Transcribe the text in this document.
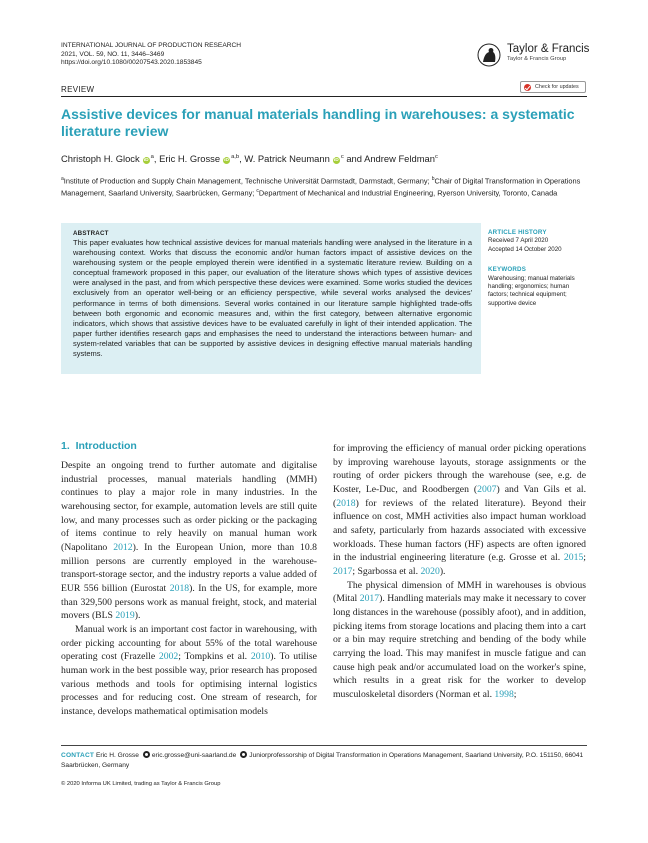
INTERNATIONAL JOURNAL OF PRODUCTION RESEARCH
2021, VOL. 59, NO. 11, 3446–3469
https://doi.org/10.1080/00207543.2020.1853845
Taylor & Francis
Taylor & Francis Group
REVIEW	Check for updates
Assistive devices for manual materials handling in warehouses: a systematic literature review
Christoph H. Glock $iD^a$, Eric H. Grosse iD$^{a,b}$, W. Patrick Neumann $iD^c$ and Andrew Feldman$^c$
$^a$Institute of Production and Supply Chain Management, Technische Universität Darmstadt, Darmstadt, Germany; $^b$Chair of Digital Transformation in Operations Management, Saarland University, Saarbrücken, Germany; $^c$Department of Mechanical and Industrial Engineering, Ryerson University, Toronto, Canada
ABSTRACT
This paper evaluates how technical assistive devices for manual materials handling were analysed in the literature in a warehousing context. Works that discuss the economic and/or human factors impact of assistive devices on the warehousing system or the people employed therein were identified in a systematic literature review. Building on a conceptual framework proposed in this paper, our evaluation of the literature shows which types of assistive devices were analysed in the past, and from which perspective these devices were examined. Some works studied the devices exclusively from an operator well-being or an efficiency perspective, while several works analysed the devices' performance in terms of both dimensions. Several works contained in our literature sample highlighted trade-offs between both ergonomic and economic measures and, within the first category, between alternative ergonomic indicators, which shows that assistive devices have to be evaluated carefully in light of their intended application. The paper further identifies research gaps and emphasises the need to understand the interactions between human- and system-related variables that can be supported by assistive devices in designing effective manual materials handling systems.
ARTICLE HISTORY
Received 7 April 2020
Accepted 14 October 2020
KEYWORDS
Warehousing; manual materials handling; ergonomics; human factors; technical equipment; supportive device
1.  Introduction

Despite an ongoing trend to further automate and digitalise industrial processes, manual materials handling (MMH) continues to play a major role in many industries. In the warehousing sector, for example, automation levels are still quite low, and many processes such as order picking or the packaging of items continue to rely heavily on manual human work (Napolitano 2012). In the European Union, more than 10.8 million persons are currently employed in the warehouse-transport-storage sector, and the industry reports a value added of EUR 556 billion (Eurostat 2018). In the US, for example, more than 329,500 persons work as manual freight, stock, and material movers (BLS 2019).

Manual work is an important cost factor in warehousing, with order picking accounting for about 55% of the total warehouse operating cost (Frazelle 2002; Tompkins et al. 2010). To utilise human work in the best possible way, prior research has proposed various methods and tools for optimising internal logistics processes and for reducing cost. One stream of research, for instance, develops mathematical optimisation models

for improving the efficiency of manual order picking operations by improving warehouse layouts, storage assignments or the routing of order pickers through the warehouse (see, e.g. de Koster, Le-Duc, and Roodbergen (2007) and Van Gils et al. (2018) for reviews of the related literature). Beyond their influence on cost, MMH activities also impact human workload and safety, particularly from hazards associated with excessive workloads. These human factors (HF) aspects are often ignored in the industrial engineering literature (e.g. Grosse et al. 2015; 2017; Sgarbossa et al. 2020).

The physical dimension of MMH in warehouses is obvious (Mital 2017). Handling materials may make it necessary to cover long distances in the warehouse (possibly afoot), and in addition, picking items from storage locations and placing them into a cart or a bin may require stretching and bending of the body while carrying the load. This may manifest in muscle fatigue and can cause high peak and/or accumulated load on the worker's spine, which results in a great risk for the worker to develop musculoskeletal disorders (Norman et al. 1998;

CONTACT Eric H. Grosse eric.grosse@uni-saarland.de Juniorprofessorship of Digital Transformation in Operations Management, Saarland University, P.O. 151150, 66041 Saarbrücken, Germany
© 2020 Informa UK Limited, trading as Taylor & Francis Group
